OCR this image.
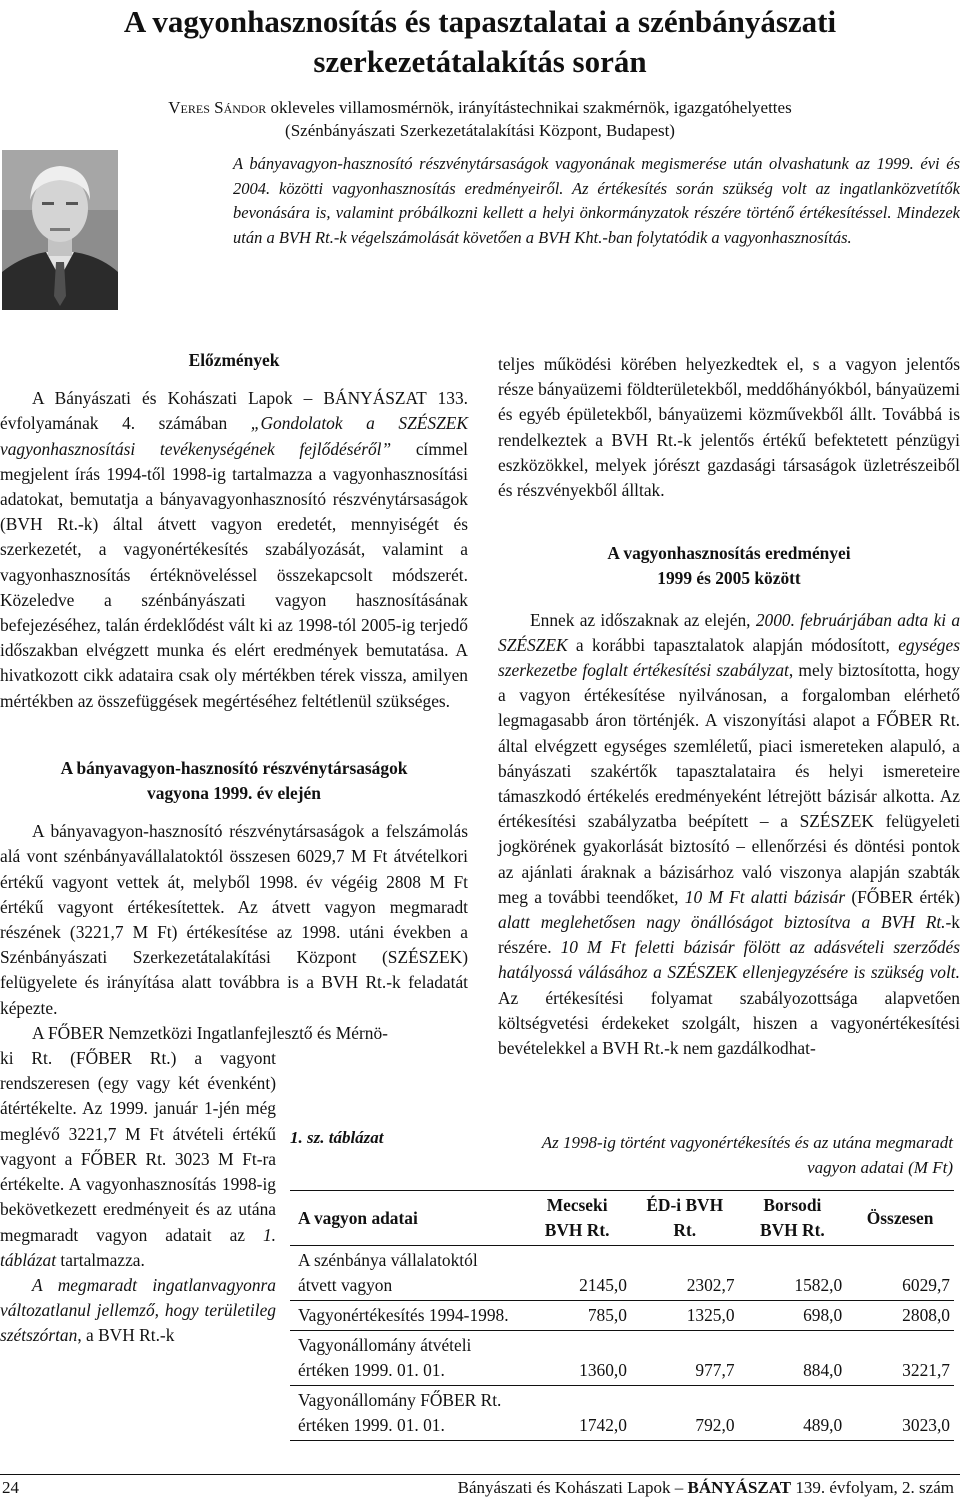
A vagyonhasznosítás és tapasztalatai a szénbányászati
szerkezetátalakítás során

Veres Sándor okleveles villamosmérnök, irányítástechnikai szakmérnök, igazgatóhelyettes
(Szénbányászati Szerkezetátalakítási Központ, Budapest)

A bányavagyon-hasznosító részvénytársaságok vagyonának megismerése után olvashatunk az 1999. évi és 2004. közötti vagyonhasznosítás eredményeiről. Az értékesítés során szükség volt az ingatlanközvetítők bevonására is, valamint próbálkozni kellett a helyi önkormányzatok részére történő értékesítéssel. Mindezek után a BVH Rt.-k végelszámolását követően a BVH Kht.-ban folytatódik a vagyonhasznosítás.

Előzmények

A Bányászati és Kohászati Lapok – BÁNYÁSZAT 133. évfolyamának 4. számában „Gondolatok a SZÉSZEK vagyonhasznosítási tevékenységének fejlődéséről” címmel megjelent írás 1994-től 1998-ig tartalmazza a vagyonhasznosítási adatokat, bemutatja a bányavagyonhasznosító részvénytársaságok (BVH Rt.-k) által átvett vagyon eredetét, mennyiségét és szerkezetét, a vagyonértékesítés szabályozását, valamint a vagyonhasznosítás értéknöveléssel összekapcsolt módszerét. Közeledve a szénbányászati vagyon hasznosításának befejezéséhez, talán érdeklődést vált ki az 1998-tól 2005-ig terjedő időszakban elvégzett munka és elért eredmények bemutatása. A hivatkozott cikk adataira csak oly mértékben térek vissza, amilyen mértékben az összefüggések megértéséhez feltétlenül szükséges.

A bányavagyon-hasznosító részvénytársaságok
vagyona 1999. év elején

A bányavagyon-hasznosító részvénytársaságok a felszámolás alá vont szénbányavállalatoktól összesen 6029,7 M Ft átvételkori értékű vagyont vettek át, melyből 1998. év végéig 2808 M Ft értékű vagyont értékesítettek. Az átvett vagyon megmaradt részének (3221,7 M Ft) értékesítése az 1998. utáni években a Szénbányászati Szerkezetátalakítási Központ (SZÉSZEK) felügyelete és irányítása alatt továbbra is a BVH Rt.-k feladatát képezte.

A FŐBER Nemzetközi Ingatlanfejlesztő és Mérnö-

ki Rt. (FŐBER Rt.) a vagyont rendszeresen (egy vagy két évenként) átértékelte. Az 1999. január 1-jén még meglévő 3221,7 M Ft átvételi értékű vagyont a FŐBER Rt. 3023 M Ft-ra értékelte. A vagyonhasznosítás 1998-ig bekövetkezett eredményeit és az utána megmaradt vagyon adatait az 1. táblázat tartalmazza.

A megmaradt ingatlanvagyonra változatlanul jellemző, hogy területileg szétszórtan, a BVH Rt.-k

teljes működési körében helyezkedtek el, s a vagyon jelentős része bányaüzemi földterületekből, meddőhányókból, bányaüzemi és egyéb épületekből, bányaüzemi közművekből állt. Továbbá is rendelkeztek a BVH Rt.-k jelentős értékű befektetett pénzügyi eszközökkel, melyek jórészt gazdasági társaságok üzletrészeiből és részvényekből álltak.

A vagyonhasznosítás eredményei
1999 és 2005 között

Ennek az időszaknak az elején, 2000. februárjában adta ki a SZÉSZEK a korábbi tapasztalatok alapján módosított, egységes szerkezetbe foglalt értékesítési szabályzat, mely biztosította, hogy a vagyon értékesítése nyilvánosan, a forgalomban elérhető legmagasabb áron történjék. A viszonyítási alapot a FŐBER Rt. által elvégzett egységes szemléletű, piaci ismereteken alapuló, a bányászati szakértők tapasztalataira és helyi ismereteire támaszkodó értékelés eredményeként létrejött bázisár alkotta. Az értékesítési szabályzatba beépített – a SZÉSZEK felügyeleti jogkörének gyakorlását biztosító – ellenőrzési és döntési pontok az ajánlati áraknak a bázisárhoz való viszonya alapján szabták meg a további teendőket, 10 M Ft alatti bázisár (FŐBER érték) alatt meglehetősen nagy önállóságot biztosítva a BVH Rt.-k részére. 10 M Ft feletti bázisár fölött az adásvételi szerződés hatályossá válásához a SZÉSZEK ellenjegyzésére is szükség volt. Az értékesítési folyamat szabályozottsága alapvetően költségvetési érdekeket szolgált, hiszen a vagyonértékesítési bevételekkel a BVH Rt.-k nem gazdálkodhat-

1. sz. táblázat	Az 1998-ig történt vagyonértékesítés és az utána megmaradt vagyon adatai (M Ft)

A vagyon adatai	Mecseki BVH Rt.	ÉD-i BVH Rt.	Borsodi BVH Rt.	Összesen
A szénbánya vállalatoktól átvett vagyon	2145,0	2302,7	1582,0	6029,7
Vagyonértékesítés 1994-1998.	785,0	1325,0	698,0	2808,0
Vagyonállomány átvételi értéken 1999. 01. 01.	1360,0	977,7	884,0	3221,7
Vagyonállomány FŐBER Rt. értéken 1999. 01. 01.	1742,0	792,0	489,0	3023,0
24	Bányászati és Kohászati Lapok – BÁNYÁSZAT 139. évfolyam, 2. szám
